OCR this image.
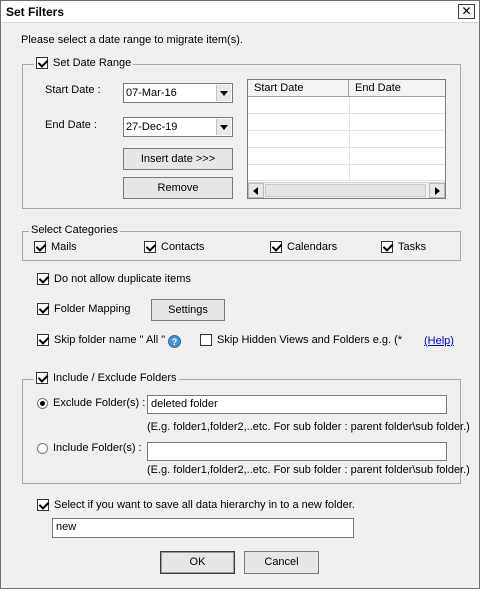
Set Filters	✕
Please select a date range to migrate item(s).
Set Date Range
Start Date : 07-Mar-16
End Date :	27-Dec-19
Insert date >>>
Remove
Start Date	End Date
Select Categories
Mails	Contacts	Calendars	Tasks
Do not allow duplicate items
Folder Mapping	Settings
Skip folder name " All " ?	Skip Hidden Views and Folders e.g. (* (Help)
Include / Exclude Folders
Exclude Folder(s) : deleted folder
(E.g. folder1,folder2,..etc. For sub folder : parent folder\sub folder.)
Include Folder(s) :
(E.g. folder1,folder2,..etc. For sub folder : parent folder\sub folder.)
Select if you want to save all data hierarchy in to a new folder.
new
OK	Cancel
